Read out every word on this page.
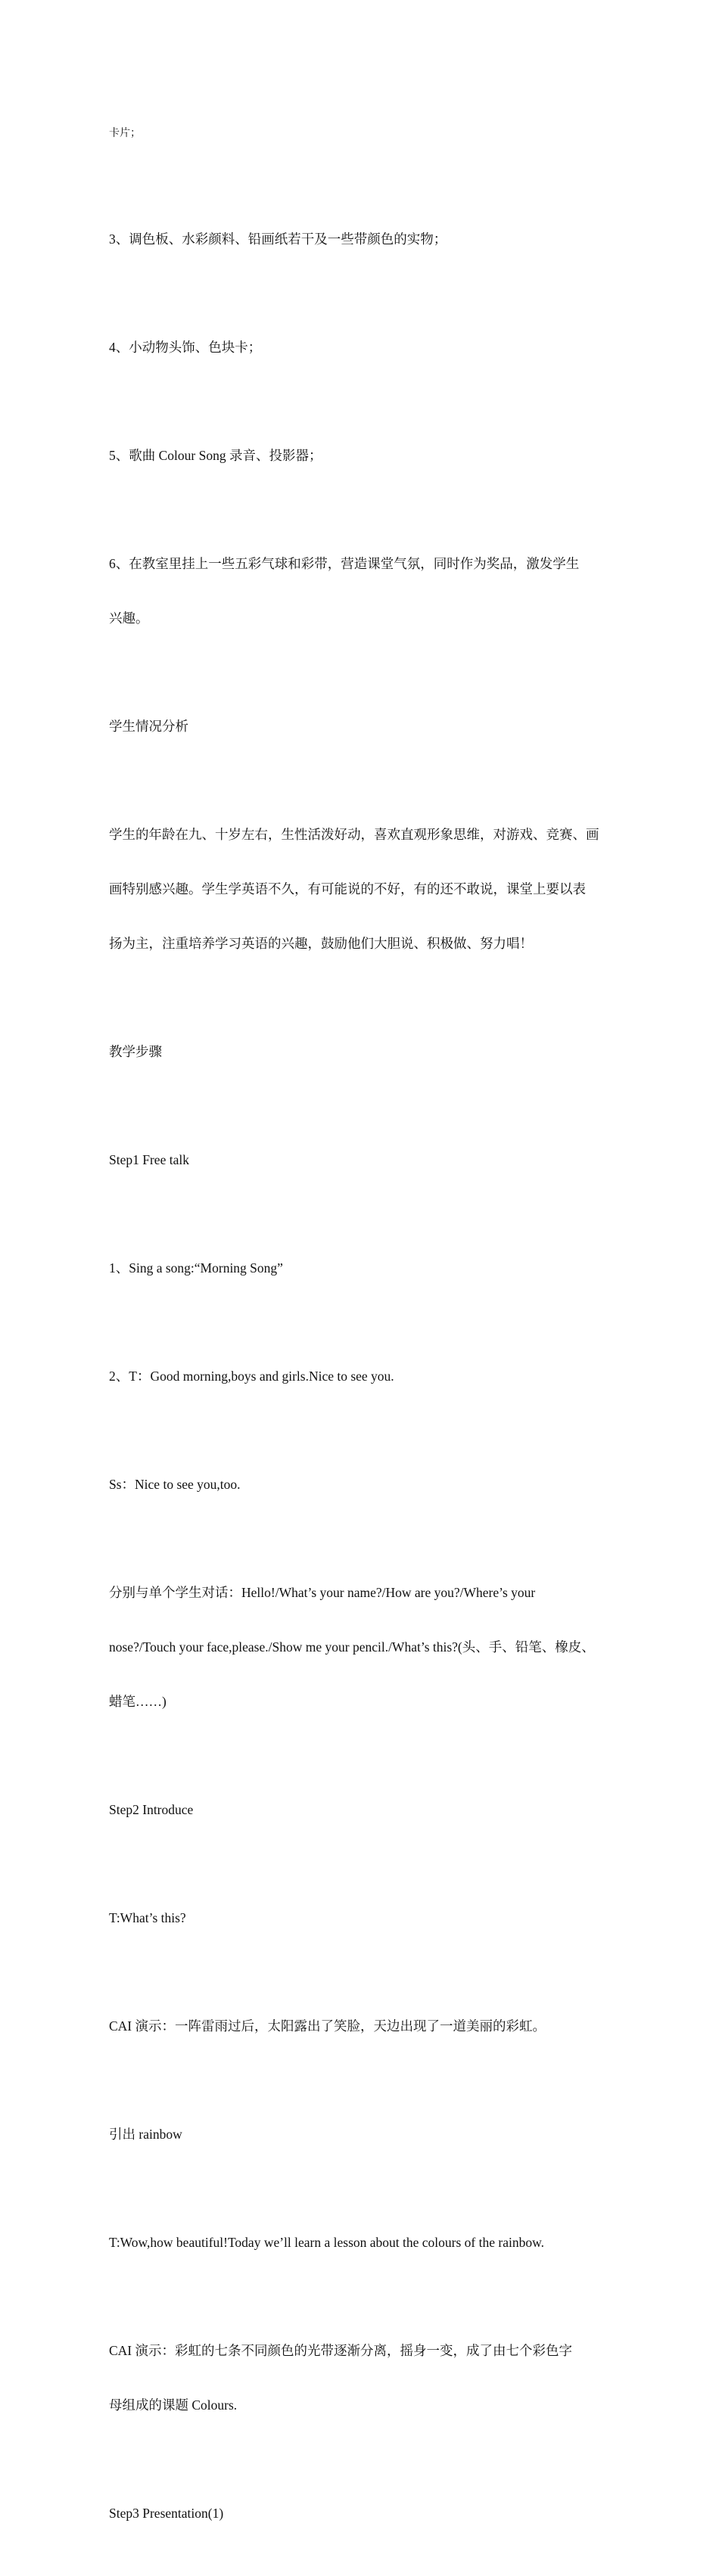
卡片；

3、调色板、水彩颜料、铅画纸若干及一些带颜色的实物；

4、小动物头饰、色块卡；

5、歌曲 Colour Song 录音、投影器；

6、在教室里挂上一些五彩气球和彩带，营造课堂气氛，同时作为奖品，激发学生

兴趣。

学生情况分析

学生的年龄在九、十岁左右，生性活泼好动，喜欢直观形象思维，对游戏、竞赛、画

画特别感兴趣。学生学英语不久，有可能说的不好，有的还不敢说，课堂上要以表

扬为主，注重培养学习英语的兴趣，鼓励他们大胆说、积极做、努力唱！

教学步骤

Step1 Free talk

1、Sing a song:“Morning Song”

2、T：Good morning,boys and girls.Nice to see you.

Ss：Nice to see you,too.

分别与单个学生对话：Hello!/What’s your name?/How are you?/Where’s your

nose?/Touch your face,please./Show me your pencil./What’s this?(头、手、铅笔、橡皮、

蜡笔……)

Step2 Introduce

T:What’s this?

CAI 演示：一阵雷雨过后，太阳露出了笑脸，天边出现了一道美丽的彩虹。

引出 rainbow

T:Wow,how beautiful!Today we’ll learn a lesson about the colours of the rainbow.

CAI 演示：彩虹的七条不同颜色的光带逐渐分离，摇身一变，成了由七个彩色字

母组成的课题 Colours.

Step3 Presentation(1)
